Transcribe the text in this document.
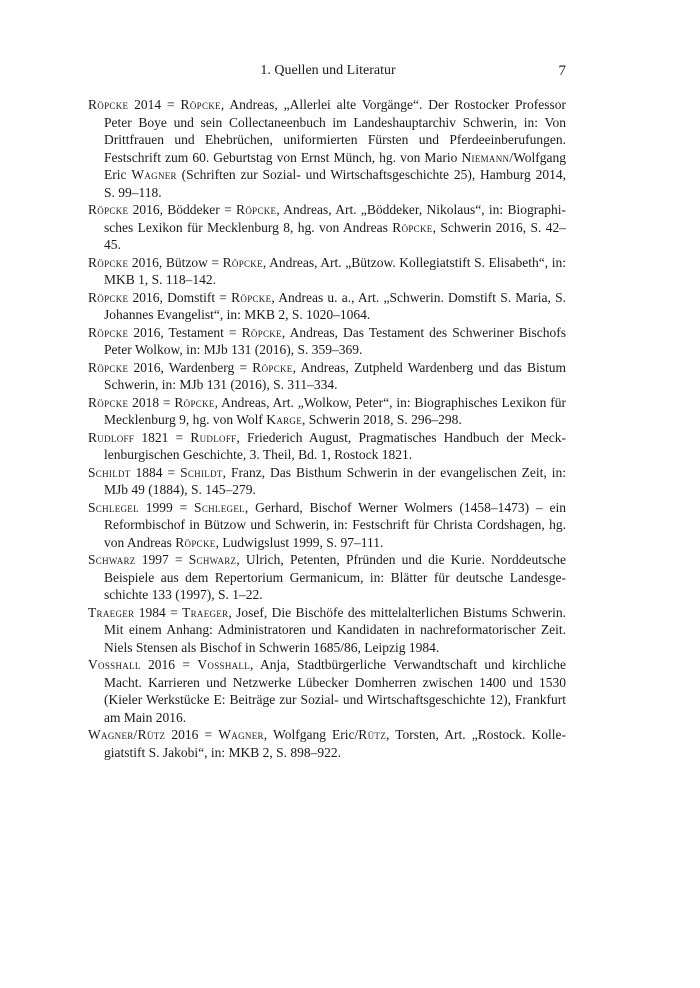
1. Quellen und Literatur	7

Röpcke 2014 = Röpcke, Andreas, „Allerlei alte Vorgänge“. Der Rostocker Professor Peter Boye und sein Collectaneenbuch im Landeshauptarchiv Schwerin, in: Von Drittfrauen und Ehebrüchen, uniformierten Fürsten und Pferdeeinberufungen. Festschrift zum 60. Geburtstag von Ernst Münch, hg. von Mario Niemann/Wolfgang Eric Wagner (Schriften zur Sozial- und Wirtschaftsgeschichte 25), Hamburg 2014, S. 99–118.

Röpcke 2016, Böddeker = Röpcke, Andreas, Art. „Böddeker, Nikolaus“, in: Biographisches Lexikon für Mecklenburg 8, hg. von Andreas Röpcke, Schwerin 2016, S. 42–45.

Röpcke 2016, Bützow = Röpcke, Andreas, Art. „Bützow. Kollegiatstift S. Elisabeth“, in: MKB 1, S. 118–142.

Röpcke 2016, Domstift = Röpcke, Andreas u. a., Art. „Schwerin. Domstift S. Maria, S. Johannes Evangelist“, in: MKB 2, S. 1020–1064.

Röpcke 2016, Testament = Röpcke, Andreas, Das Testament des Schweriner Bischofs Peter Wolkow, in: MJb 131 (2016), S. 359–369.

Röpcke 2016, Wardenberg = Röpcke, Andreas, Zutpheld Wardenberg und das Bistum Schwerin, in: MJb 131 (2016), S. 311–334.

Röpcke 2018 = Röpcke, Andreas, Art. „Wolkow, Peter“, in: Biographisches Lexikon für Mecklenburg 9, hg. von Wolf Karge, Schwerin 2018, S. 296–298.

Rudloff 1821 = Rudloff, Friederich August, Pragmatisches Handbuch der Mecklenburgischen Geschichte, 3. Theil, Bd. 1, Rostock 1821.

Schildt 1884 = Schildt, Franz, Das Bisthum Schwerin in der evangelischen Zeit, in: MJb 49 (1884), S. 145–279.

Schlegel 1999 = Schlegel, Gerhard, Bischof Werner Wolmers (1458–1473) – ein Reformbischof in Bützow und Schwerin, in: Festschrift für Christa Cordshagen, hg. von Andreas Röpcke, Ludwigslust 1999, S. 97–111.

Schwarz 1997 = Schwarz, Ulrich, Petenten, Pfründen und die Kurie. Norddeutsche Beispiele aus dem Repertorium Germanicum, in: Blätter für deutsche Landesgeschichte 133 (1997), S. 1–22.

Traeger 1984 = Traeger, Josef, Die Bischöfe des mittelalterlichen Bistums Schwerin. Mit einem Anhang: Administratoren und Kandidaten in nachreformatorischer Zeit. Niels Stensen als Bischof in Schwerin 1685/86, Leipzig 1984.

Vosshall 2016 = Vosshall, Anja, Stadtbürgerliche Verwandtschaft und kirchliche Macht. Karrieren und Netzwerke Lübecker Domherren zwischen 1400 und 1530 (Kieler Werkstücke E: Beiträge zur Sozial- und Wirtschaftsgeschichte 12), Frankfurt am Main 2016.

Wagner/Rütz 2016 = Wagner, Wolfgang Eric/Rütz, Torsten, Art. „Rostock. Kollegiatstift S. Jakobi“, in: MKB 2, S. 898–922.
